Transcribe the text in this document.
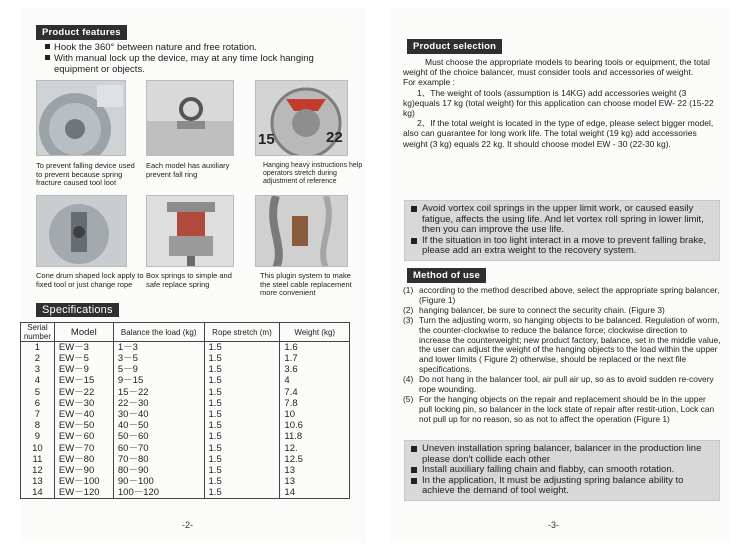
Product features
Hook the 360° between nature and free rotation.
With manual lock up the device, may at any time lock hanging equipment or objects.
15	22
To prevent falling device used to prevent because spring fracture caused tool loot
Each model has auxiliary prevent fall ring
Hanging heavy instructions help operators stretch during adjustment of reference
Cone drum shaped lock apply to fixed tool or just change rope
Box springs to simple and safe replace spring
This plugin system to make the steel cable replacement more convenient
Specifications
Serial number	Model	Balance the load (kg)	Rope stretch (m)	Weight (kg)
1	EW－3	1－3	1.5	1.6
2	EW－5	3－5	1.5	1.7
3	EW－9	5－9	1.5	3.6
4	EW－15	9－15	1.5	4
5	EW－22	15－22	1.5	7.4
6	EW－30	22－30	1.5	7.8
7	EW－40	30－40	1.5	10
8	EW－50	40－50	1.5	10.6
9	EW－60	50－60	1.5	11.8
10	EW－70	60－70	1.5	12.
11	EW－80	70－80	1.5	12.5
12	EW－90	80－90	1.5	13
13	EW－100	90－100	1.5	13
14	EW－120	100－120	1.5	14
-2-
Product selection

Must choose the appropriate models to bearing tools or equipment, the total weight of the choice balancer, must consider tools and accessories of weight.

For example :

1、The weight of tools (assumption is 14KG) add accessories weight (3 kg)equals 17 kg (total weight) for this application can choose model EW- 22 (15-22 kg)

2、If the total weight is located in the type of edge, please select bigger model, also can guarantee for long work life. The total weight (19 kg) add accessories weight (3 kg) equals 22 kg. It should choose model EW - 30 (22-30 kg).

Avoid vortex coil springs in the upper limit work, or caused easily fatigue, affects the using life. And let vortex roll spring in lower limit, then you can improve the use life.
If the situation in too light interact in a move to prevent falling brake, please add an extra weight to the recovery system.
Method of use
(1) according to the method described above, select the appropriate spring balancer, (Figure 1)
(2) hanging balancer, be sure to connect the security chain. (Figure 3)
(3) Turn the adjusting worm, so hanging objects to be balanced. Regulation of worm, the counter-clockwise to reduce the balance force; clockwise direction to increase the counterweight; new product factory, balance, set in the middle value, the user can adjust the weight of the hanging objects to the load within the upper and lower limits ( Figure 2) otherwise, should be replaced or the next file specifications.
(4) Do not hang in the balancer tool, air pull air up, so as to avoid sudden re-covery rope wounding.
(5) For the hanging objects on the repair and replacement should be in the upper pull locking pin, so balancer in the lock state of repair after restit-ution, Lock can not pull up for no reason, so as not to affect the operation (Figure 1)
Uneven installation spring balancer, balancer in the production line please don't collide each other
Install auxiliary falling chain and flabby, can smooth rotation.
In the application, It must be adjusting spring balance ability to achieve the demand of tool weight.
-3-
